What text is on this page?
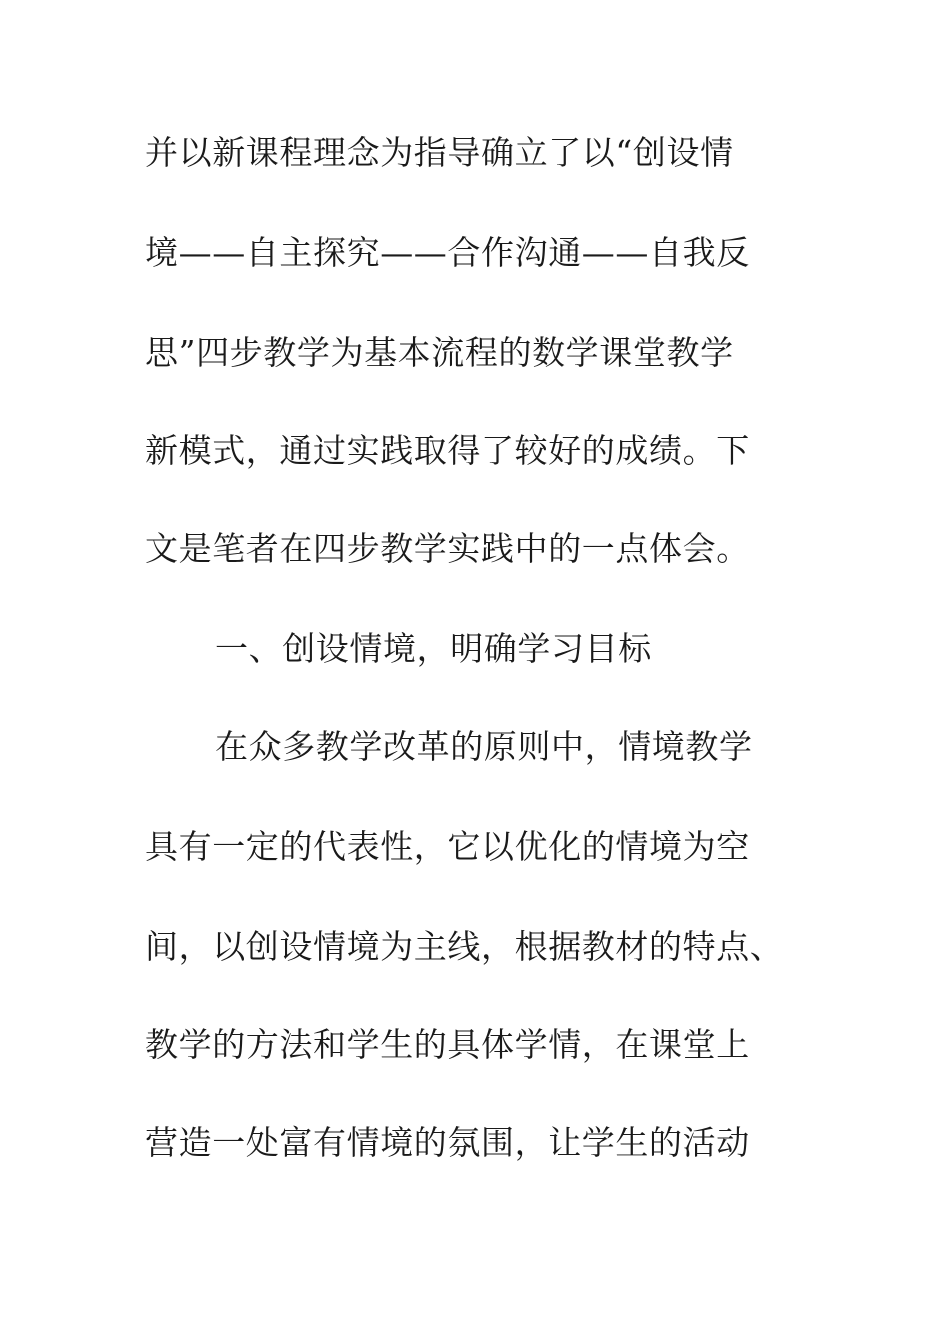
并以新课程理念为指导确立了以“创设情
境——自主探究——合作沟通——自我反
思”四步教学为基本流程的数学课堂教学
新模式，通过实践取得了较好的成绩。下
文是笔者在四步教学实践中的一点体会。
一、创设情境，明确学习目标
在众多教学改革的原则中，情境教学
具有一定的代表性，它以优化的情境为空
间，以创设情境为主线，根据教材的特点、
教学的方法和学生的具体学情，在课堂上
营造一处富有情境的氛围，让学生的活动
